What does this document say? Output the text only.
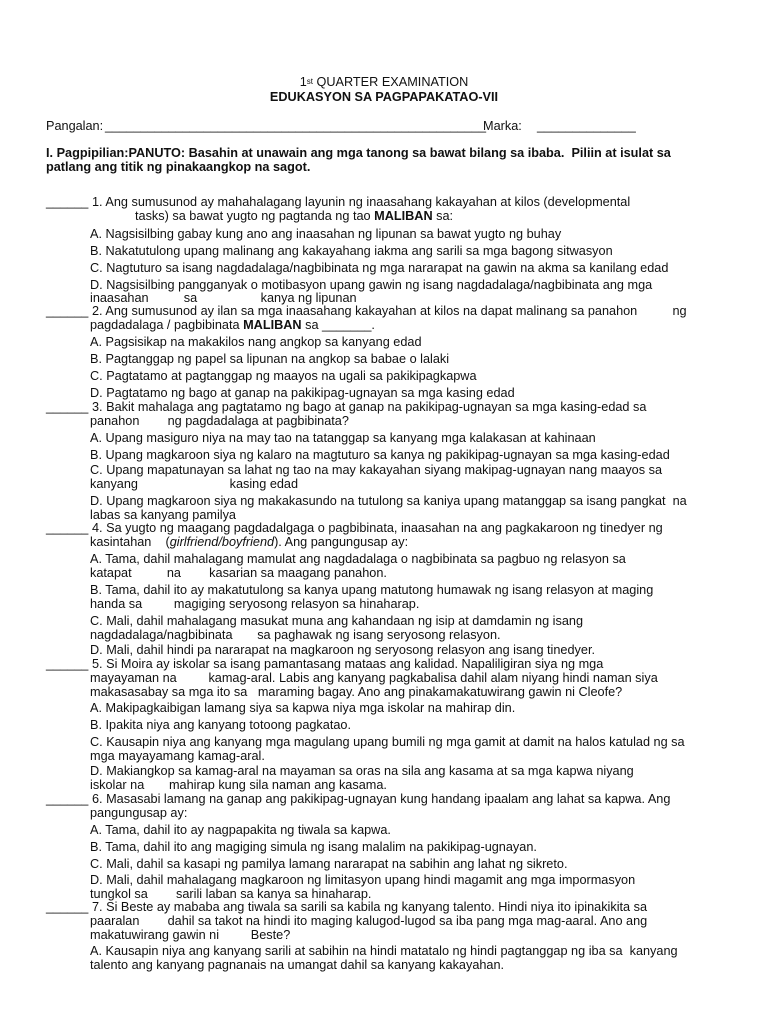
1st QUARTER EXAMINATION
EDUKASYON SA PAGPAPAKATAO-VII
Pangalan: ______________________________________________________
Marka: ______________
I. Pagpipilian:PANUTO: Basahin at unawain ang mga tanong sa bawat bilang sa ibaba.  Piliin at isulat sa
patlang ang titik ng pinakaangkop na sagot.
______ 1. Ang sumusunod ay mahahalagang layunin ng inaasahang kakayahan at kilos (developmental
tasks) sa bawat yugto ng pagtanda ng tao MALIBAN sa:
A. Nagsisilbing gabay kung ano ang inaasahan ng lipunan sa bawat yugto ng buhay
B. Nakatutulong upang malinang ang kakayahang iakma ang sarili sa mga bagong sitwasyon
C. Nagtuturo sa isang nagdadalaga/nagbibinata ng mga nararapat na gawin na akma sa kanilang edad
D. Nagsisilbing pangganyak o motibasyon upang gawin ng isang nagdadalaga/nagbibinata ang mga
inaasahan          sa                  kanya ng lipunan
______ 2. Ang sumusunod ay ilan sa mga inaasahang kakayahan at kilos na dapat malinang sa panahon          ng
pagdadalaga / pagbibinata MALIBAN sa _______.
A. Pagsisikap na makakilos nang angkop sa kanyang edad
B. Pagtanggap ng papel sa lipunan na angkop sa babae o lalaki
C. Pagtatamo at pagtanggap ng maayos na ugali sa pakikipagkapwa
D. Pagtatamo ng bago at ganap na pakikipag-ugnayan sa mga kasing edad
______ 3. Bakit mahalaga ang pagtatamo ng bago at ganap na pakikipag-ugnayan sa mga kasing-edad sa
panahon        ng pagdadalaga at pagbibinata?
A. Upang masiguro niya na may tao na tatanggap sa kanyang mga kalakasan at kahinaan
B. Upang magkaroon siya ng kalaro na magtuturo sa kanya ng pakikipag-ugnayan sa mga kasing-edad
C. Upang mapatunayan sa lahat ng tao na may kakayahan siyang makipag-ugnayan nang maayos sa
kanyang                          kasing edad
D. Upang magkaroon siya ng makakasundo na tutulong sa kaniya upang matanggap sa isang pangkat  na
labas sa kanyang pamilya
______ 4. Sa yugto ng maagang pagdadalgaga o pagbibinata, inaasahan na ang pagkakaroon ng tinedyer ng
kasintahan    (girlfriend/boyfriend). Ang pangungusap ay:
A. Tama, dahil mahalagang mamulat ang nagdadalaga o nagbibinata sa pagbuo ng relasyon sa
katapat          na        kasarian sa maagang panahon.
B. Tama, dahil ito ay makatutulong sa kanya upang matutong humawak ng isang relasyon at maging
handa sa         magiging seryosong relasyon sa hinaharap.
C. Mali, dahil mahalagang masukat muna ang kahandaan ng isip at damdamin ng isang
nagdadalaga/nagbibinata       sa paghawak ng isang seryosong relasyon.
D. Mali, dahil hindi pa nararapat na magkaroon ng seryosong relasyon ang isang tinedyer.
______ 5. Si Moira ay iskolar sa isang pamantasang mataas ang kalidad. Napaliligiran siya ng mga
mayayaman na         kamag-aral. Labis ang kanyang pagkabalisa dahil alam niyang hindi naman siya
makasasabay sa mga ito sa   maraming bagay. Ano ang pinakamakatuwirang gawin ni Cleofe?
A. Makipagkaibigan lamang siya sa kapwa niya mga iskolar na mahirap din.
B. Ipakita niya ang kanyang totoong pagkatao.
C. Kausapin niya ang kanyang mga magulang upang bumili ng mga gamit at damit na halos katulad ng sa
mga mayayamang kamag-aral.
D. Makiangkop sa kamag-aral na mayaman sa oras na sila ang kasama at sa mga kapwa niyang
iskolar na       mahirap kung sila naman ang kasama.
______ 6. Masasabi lamang na ganap ang pakikipag-ugnayan kung handang ipaalam ang lahat sa kapwa. Ang
pangungusap ay:
A. Tama, dahil ito ay nagpapakita ng tiwala sa kapwa.
B. Tama, dahil ito ang magiging simula ng isang malalim na pakikipag-ugnayan.
C. Mali, dahil sa kasapi ng pamilya lamang nararapat na sabihin ang lahat ng sikreto.
D. Mali, dahil mahalagang magkaroon ng limitasyon upang hindi magamit ang mga impormasyon
tungkol sa        sarili laban sa kanya sa hinaharap.
______ 7. Si Beste ay mababa ang tiwala sa sarili sa kabila ng kanyang talento. Hindi niya ito ipinakikita sa
paaralan        dahil sa takot na hindi ito maging kalugod-lugod sa iba pang mga mag-aaral. Ano ang
makatuwirang gawin ni         Beste?
A. Kausapin niya ang kanyang sarili at sabihin na hindi matatalo ng hindi pagtanggap ng iba sa  kanyang
talento ang kanyang pagnanais na umangat dahil sa kanyang kakayahan.
